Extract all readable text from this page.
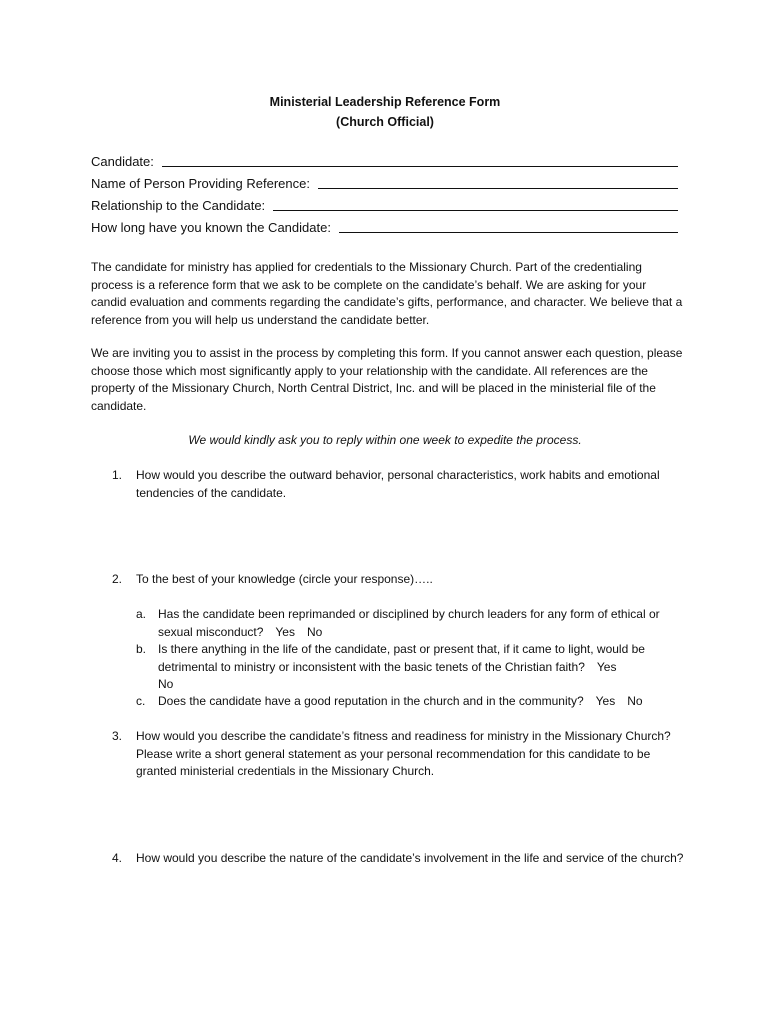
Ministerial Leadership Reference Form
(Church Official)
Candidate:
Name of Person Providing Reference:
Relationship to the Candidate:
How long have you known the Candidate:

The candidate for ministry has applied for credentials to the Missionary Church. Part of the credentialing process is a reference form that we ask to be complete on the candidate’s behalf. We are asking for your candid evaluation and comments regarding the candidate’s gifts, performance, and character. We believe that a reference from you will help us understand the candidate better.

We are inviting you to assist in the process by completing this form. If you cannot answer each question, please choose those which most significantly apply to your relationship with the candidate. All references are the property of the Missionary Church, North Central District, Inc. and will be placed in the ministerial file of the candidate.

We would kindly ask you to reply within one week to expedite the process.
1.	How would you describe the outward behavior, personal characteristics, work habits and emotional tendencies of the candidate.
2.	To the best of your knowledge (circle your response)…..
a. Has the candidate been reprimanded or disciplined by church leaders for any form of ethical or sexual misconduct? Yes No
b. Is there anything in the life of the candidate, past or present that, if it came to light, would be detrimental to ministry or inconsistent with the basic tenets of the Christian faith? Yes
No
c.	Does the candidate have a good reputation in the church and in the community? Yes No
3.	How would you describe the candidate’s fitness and readiness for ministry in the Missionary Church? Please write a short general statement as your personal recommendation for this candidate to be granted ministerial credentials in the Missionary Church.
4.	How would you describe the nature of the candidate’s involvement in the life and service of the church?
